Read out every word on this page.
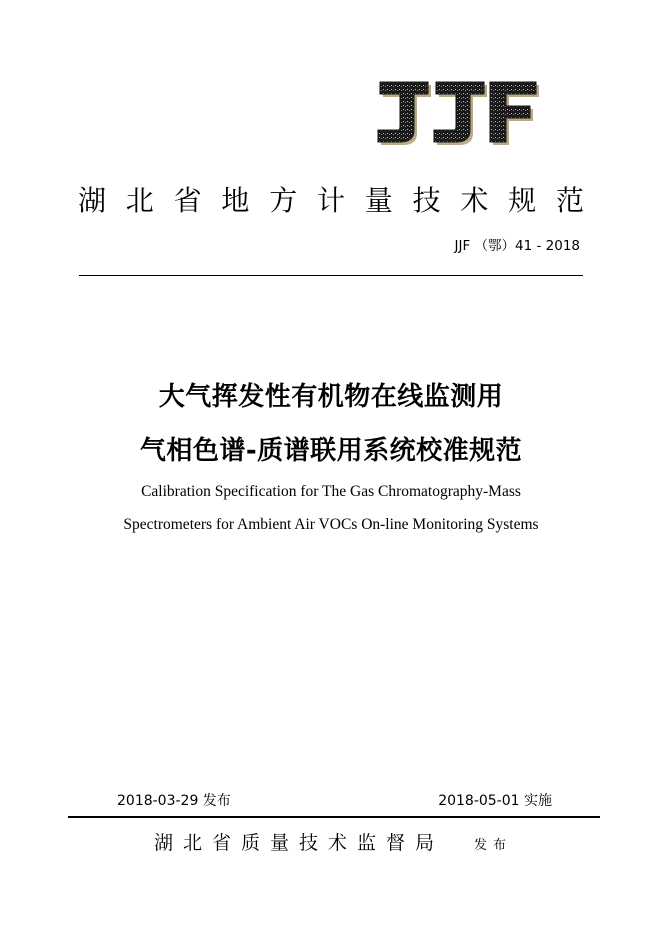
湖 北 省 地 方 计 量 技 术 规 范
JJF （鄂）41 - 2018
大气挥发性有机物在线监测用
气相色谱-质谱联用系统校准规范
Calibration Specification for The Gas Chromatography-Mass
Spectrometers for Ambient Air VOCs On-line Monitoring Systems
2018-03-29 发布	2018-05-01 实施
湖北省质量技术监督局 发布
